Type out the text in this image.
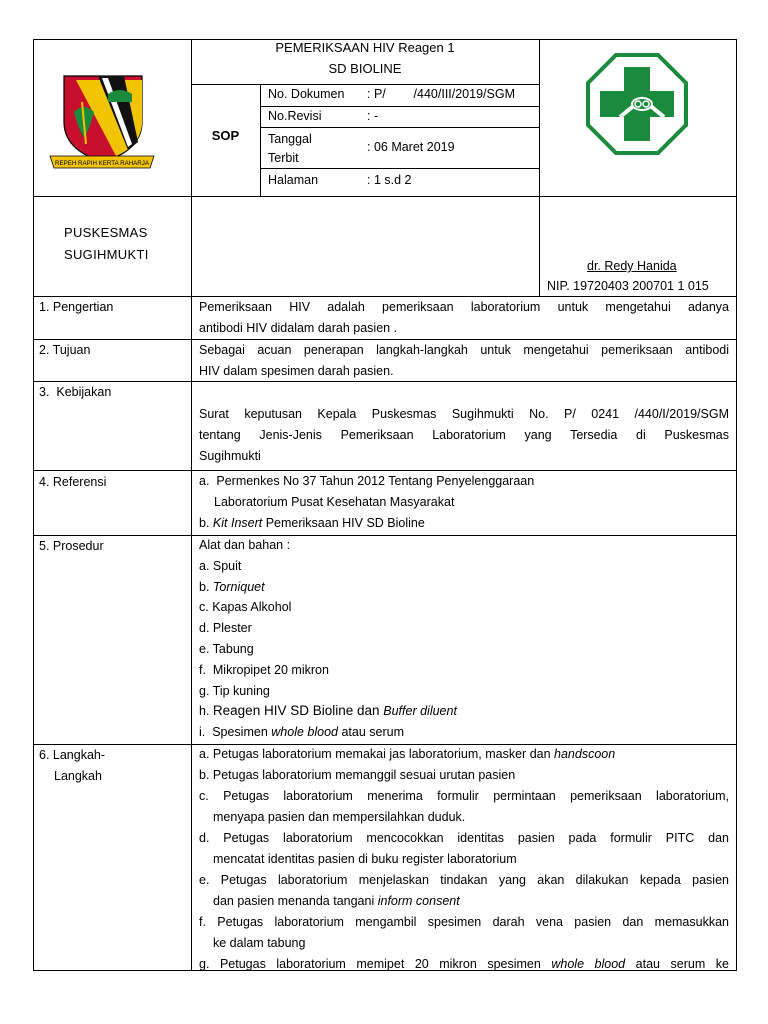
REPEH RAPIH KERTA RAHARJA
PEMERIKSAAN HIV Reagen 1
SD BIOLINE
SOP
No. Dokumen : P/        /440/III/2019/SGM
No.Revisi	: -
Tanggal
Terbit
: 06 Maret 2019
Halaman	: 1 s.d 2
PUSKESMAS
SUGIHMUKTI
dr. Redy Hanida
NIP. 19720403 200701 1 015
1. Pengertian	Pemeriksaan HIV adalah pemeriksaan laboratorium untuk mengetahui adanya
antibodi HIV didalam darah pasien .
2. Tujuan	Sebagai acuan penerapan langkah-langkah untuk mengetahui pemeriksaan antibodi
HIV dalam spesimen darah pasien.
3.  Kebijakan
Surat keputusan Kepala Puskesmas Sugihmukti No. P/ 0241 /440/I/2019/SGM
tentang Jenis-Jenis Pemeriksaan Laboratorium yang Tersedia di Puskesmas
Sugihmukti
4. Referensi	a.  Permenkes No 37 Tahun 2012 Tentang Penyelenggaraan
Laboratorium Pusat Kesehatan Masyarakat
b. Kit Insert Pemeriksaan HIV SD Bioline
5. Prosedur	Alat dan bahan :
a. Spuit
b. Torniquet
c. Kapas Alkohol
d. Plester
e. Tabung
f.  Mikropipet 20 mikron
g. Tip kuning
h. Reagen HIV SD Bioline dan Buffer diluent
i.  Spesimen whole blood atau serum
6. Langkah-
Langkah
a. Petugas laboratorium memakai jas laboratorium, masker dan handscoon
b. Petugas laboratorium memanggil sesuai urutan pasien
c. Petugas laboratorium menerima formulir permintaan pemeriksaan laboratorium,
menyapa pasien dan mempersilahkan duduk.
d. Petugas laboratorium mencocokkan identitas pasien pada formulir PITC dan
mencatat identitas pasien di buku register laboratorium
e. Petugas laboratorium menjelaskan tindakan yang akan dilakukan kepada pasien
dan pasien menanda tangani inform consent
f. Petugas laboratorium mengambil spesimen darah vena pasien dan memasukkan
ke dalam tabung
g. Petugas laboratorium memipet 20 mikron spesimen whole blood atau serum ke
